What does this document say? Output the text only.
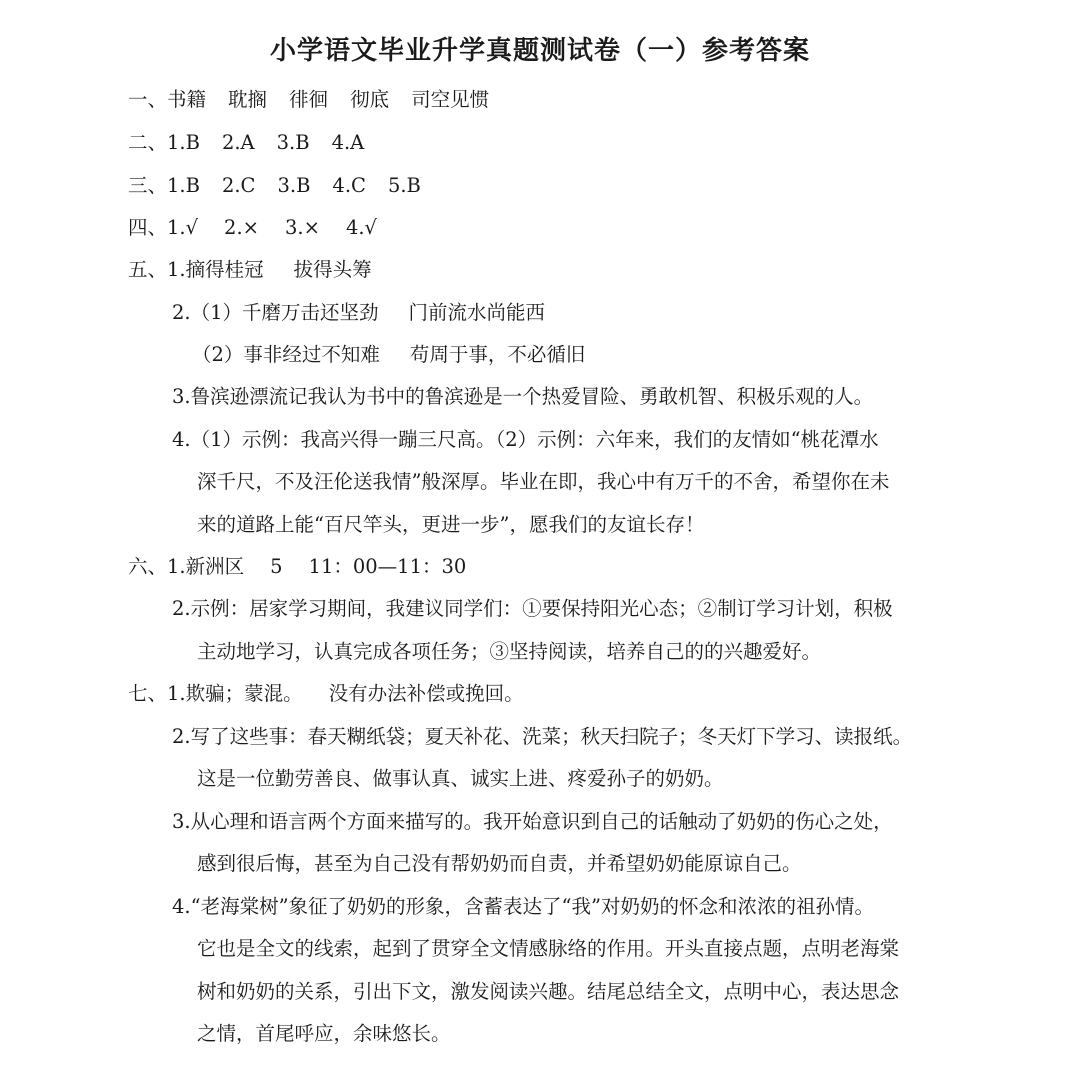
小学语文毕业升学真题测试卷（一）参考答案
一、书籍 耽搁 徘徊 彻底 司空见惯
二、1.B 2.A 3.B 4.A
三、1.B 2.C 3.B 4.C 5.B
四、1.√ 2.× 3.× 4.√
五、1.摘得桂冠 拔得头筹
2.（1）千磨万击还坚劲 门前流水尚能西
（2）事非经过不知难 苟周于事，不必循旧
3.鲁滨逊漂流记我认为书中的鲁滨逊是一个热爱冒险、勇敢机智、积极乐观的人。
4.（1）示例：我高兴得一蹦三尺高。（2）示例：六年来，我们的友情如“桃花潭水
深千尺，不及汪伦送我情”般深厚。毕业在即，我心中有万千的不舍，希望你在未
来的道路上能“百尺竿头，更进一步”，愿我们的友谊长存！
六、1.新洲区 5 11：00—11：30
2.示例：居家学习期间，我建议同学们：①要保持阳光心态；②制订学习计划，积极
主动地学习，认真完成各项任务；③坚持阅读，培养自己的的兴趣爱好。
七、1.欺骗；蒙混。 没有办法补偿或挽回。
2.写了这些事：春天糊纸袋；夏天补花、洗菜；秋天扫院子；冬天灯下学习、读报纸。
这是一位勤劳善良、做事认真、诚实上进、疼爱孙子的奶奶。
3.从心理和语言两个方面来描写的。我开始意识到自己的话触动了奶奶的伤心之处，
感到很后悔，甚至为自己没有帮奶奶而自责，并希望奶奶能原谅自己。
4.“老海棠树”象征了奶奶的形象，含蓄表达了“我”对奶奶的怀念和浓浓的祖孙情。
它也是全文的线索，起到了贯穿全文情感脉络的作用。开头直接点题，点明老海棠
树和奶奶的关系，引出下文，激发阅读兴趣。结尾总结全文，点明中心，表达思念
之情，首尾呼应，余味悠长。
